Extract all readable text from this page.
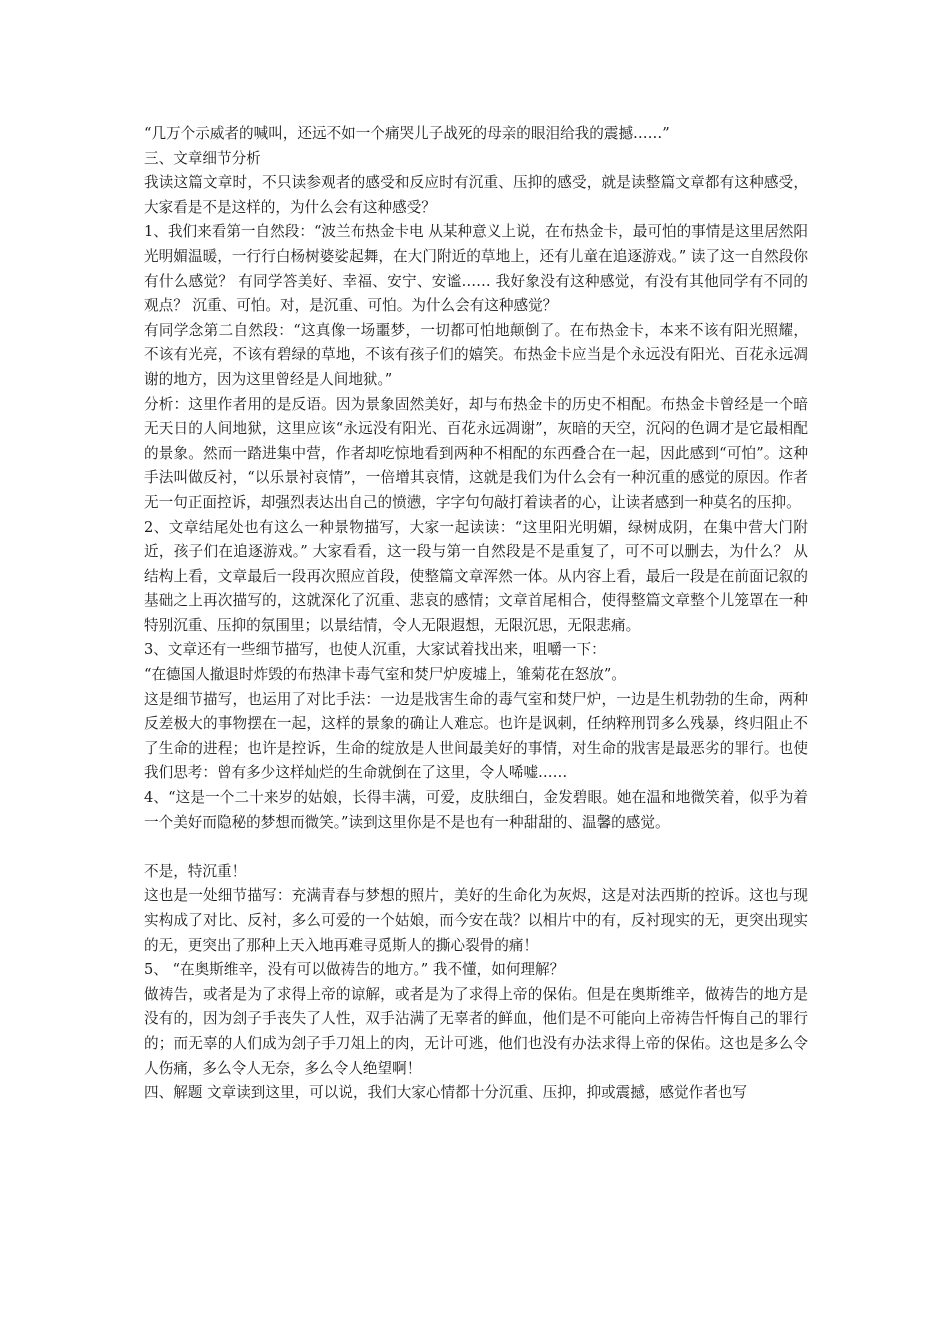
“几万个示威者的喊叫，还远不如一个痛哭儿子战死的母亲的眼泪给我的震撼……”

三、文章细节分析

我读这篇文章时，不只读参观者的感受和反应时有沉重、压抑的感受，就是读整篇文章都有这种感受，大家看是不是这样的，为什么会有这种感受？

1、我们来看第一自然段：“波兰布热金卡电 从某种意义上说，在布热金卡，最可怕的事情是这里居然阳光明媚温暖，一行行白杨树婆娑起舞，在大门附近的草地上，还有儿童在追逐游戏。” 读了这一自然段你有什么感觉？ 有同学答美好、幸福、安宁、安谧…… 我好象没有这种感觉，有没有其他同学有不同的观点？ 沉重、可怕。对，是沉重、可怕。为什么会有这种感觉？

有同学念第二自然段：“这真像一场噩梦，一切都可怕地颠倒了。在布热金卡，本来不该有阳光照耀，不该有光亮，不该有碧绿的草地，不该有孩子们的嬉笑。布热金卡应当是个永远没有阳光、百花永远凋谢的地方，因为这里曾经是人间地狱。”

分析：这里作者用的是反语。因为景象固然美好，却与布热金卡的历史不相配。布热金卡曾经是一个暗无天日的人间地狱，这里应该“永远没有阳光、百花永远凋谢”，灰暗的天空，沉闷的色调才是它最相配的景象。然而一踏进集中营，作者却吃惊地看到两种不相配的东西叠合在一起，因此感到“可怕”。这种手法叫做反衬，“以乐景衬哀情”，一倍增其哀情，这就是我们为什么会有一种沉重的感觉的原因。作者无一句正面控诉，却强烈表达出自己的愤懑，字字句句敲打着读者的心，让读者感到一种莫名的压抑。

2、文章结尾处也有这么一种景物描写，大家一起读读：“这里阳光明媚，绿树成阴，在集中营大门附近，孩子们在追逐游戏。” 大家看看，这一段与第一自然段是不是重复了，可不可以删去，为什么？ 从结构上看，文章最后一段再次照应首段，使整篇文章浑然一体。从内容上看，最后一段是在前面记叙的基础之上再次描写的，这就深化了沉重、悲哀的感情；文章首尾相合，使得整篇文章整个儿笼罩在一种特别沉重、压抑的氛围里；以景结情，令人无限遐想，无限沉思，无限悲痛。

3、文章还有一些细节描写，也使人沉重，大家试着找出来，咀嚼一下：

“在德国人撤退时炸毁的布热津卡毒气室和焚尸炉废墟上，雏菊花在怒放”。

这是细节描写，也运用了对比手法：一边是戕害生命的毒气室和焚尸炉，一边是生机勃勃的生命，两种反差极大的事物摆在一起，这样的景象的确让人难忘。也许是讽刺，任纳粹刑罚多么残暴，终归阻止不了生命的进程；也许是控诉，生命的绽放是人世间最美好的事情，对生命的戕害是最恶劣的罪行。也使我们思考：曾有多少这样灿烂的生命就倒在了这里，令人唏嘘……

4、“这是一个二十来岁的姑娘，长得丰满，可爱，皮肤细白，金发碧眼。她在温和地微笑着，似乎为着一个美好而隐秘的梦想而微笑。”读到这里你是不是也有一种甜甜的、温馨的感觉。

不是，特沉重！

这也是一处细节描写：充满青春与梦想的照片，美好的生命化为灰烬，这是对法西斯的控诉。这也与现实构成了对比、反衬，多么可爱的一个姑娘，而今安在哉？以相片中的有，反衬现实的无，更突出现实的无，更突出了那种上天入地再难寻觅斯人的撕心裂骨的痛！

5、 “在奥斯维辛，没有可以做祷告的地方。” 我不懂，如何理解？

做祷告，或者是为了求得上帝的谅解，或者是为了求得上帝的保佑。但是在奥斯维辛，做祷告的地方是没有的，因为刽子手丧失了人性，双手沾满了无辜者的鲜血，他们是不可能向上帝祷告忏悔自己的罪行的；而无辜的人们成为刽子手刀俎上的肉，无计可逃，他们也没有办法求得上帝的保佑。这也是多么令人伤痛，多么令人无奈，多么令人绝望啊！

四、解题 文章读到这里，可以说，我们大家心情都十分沉重、压抑，抑或震撼，感觉作者也写
